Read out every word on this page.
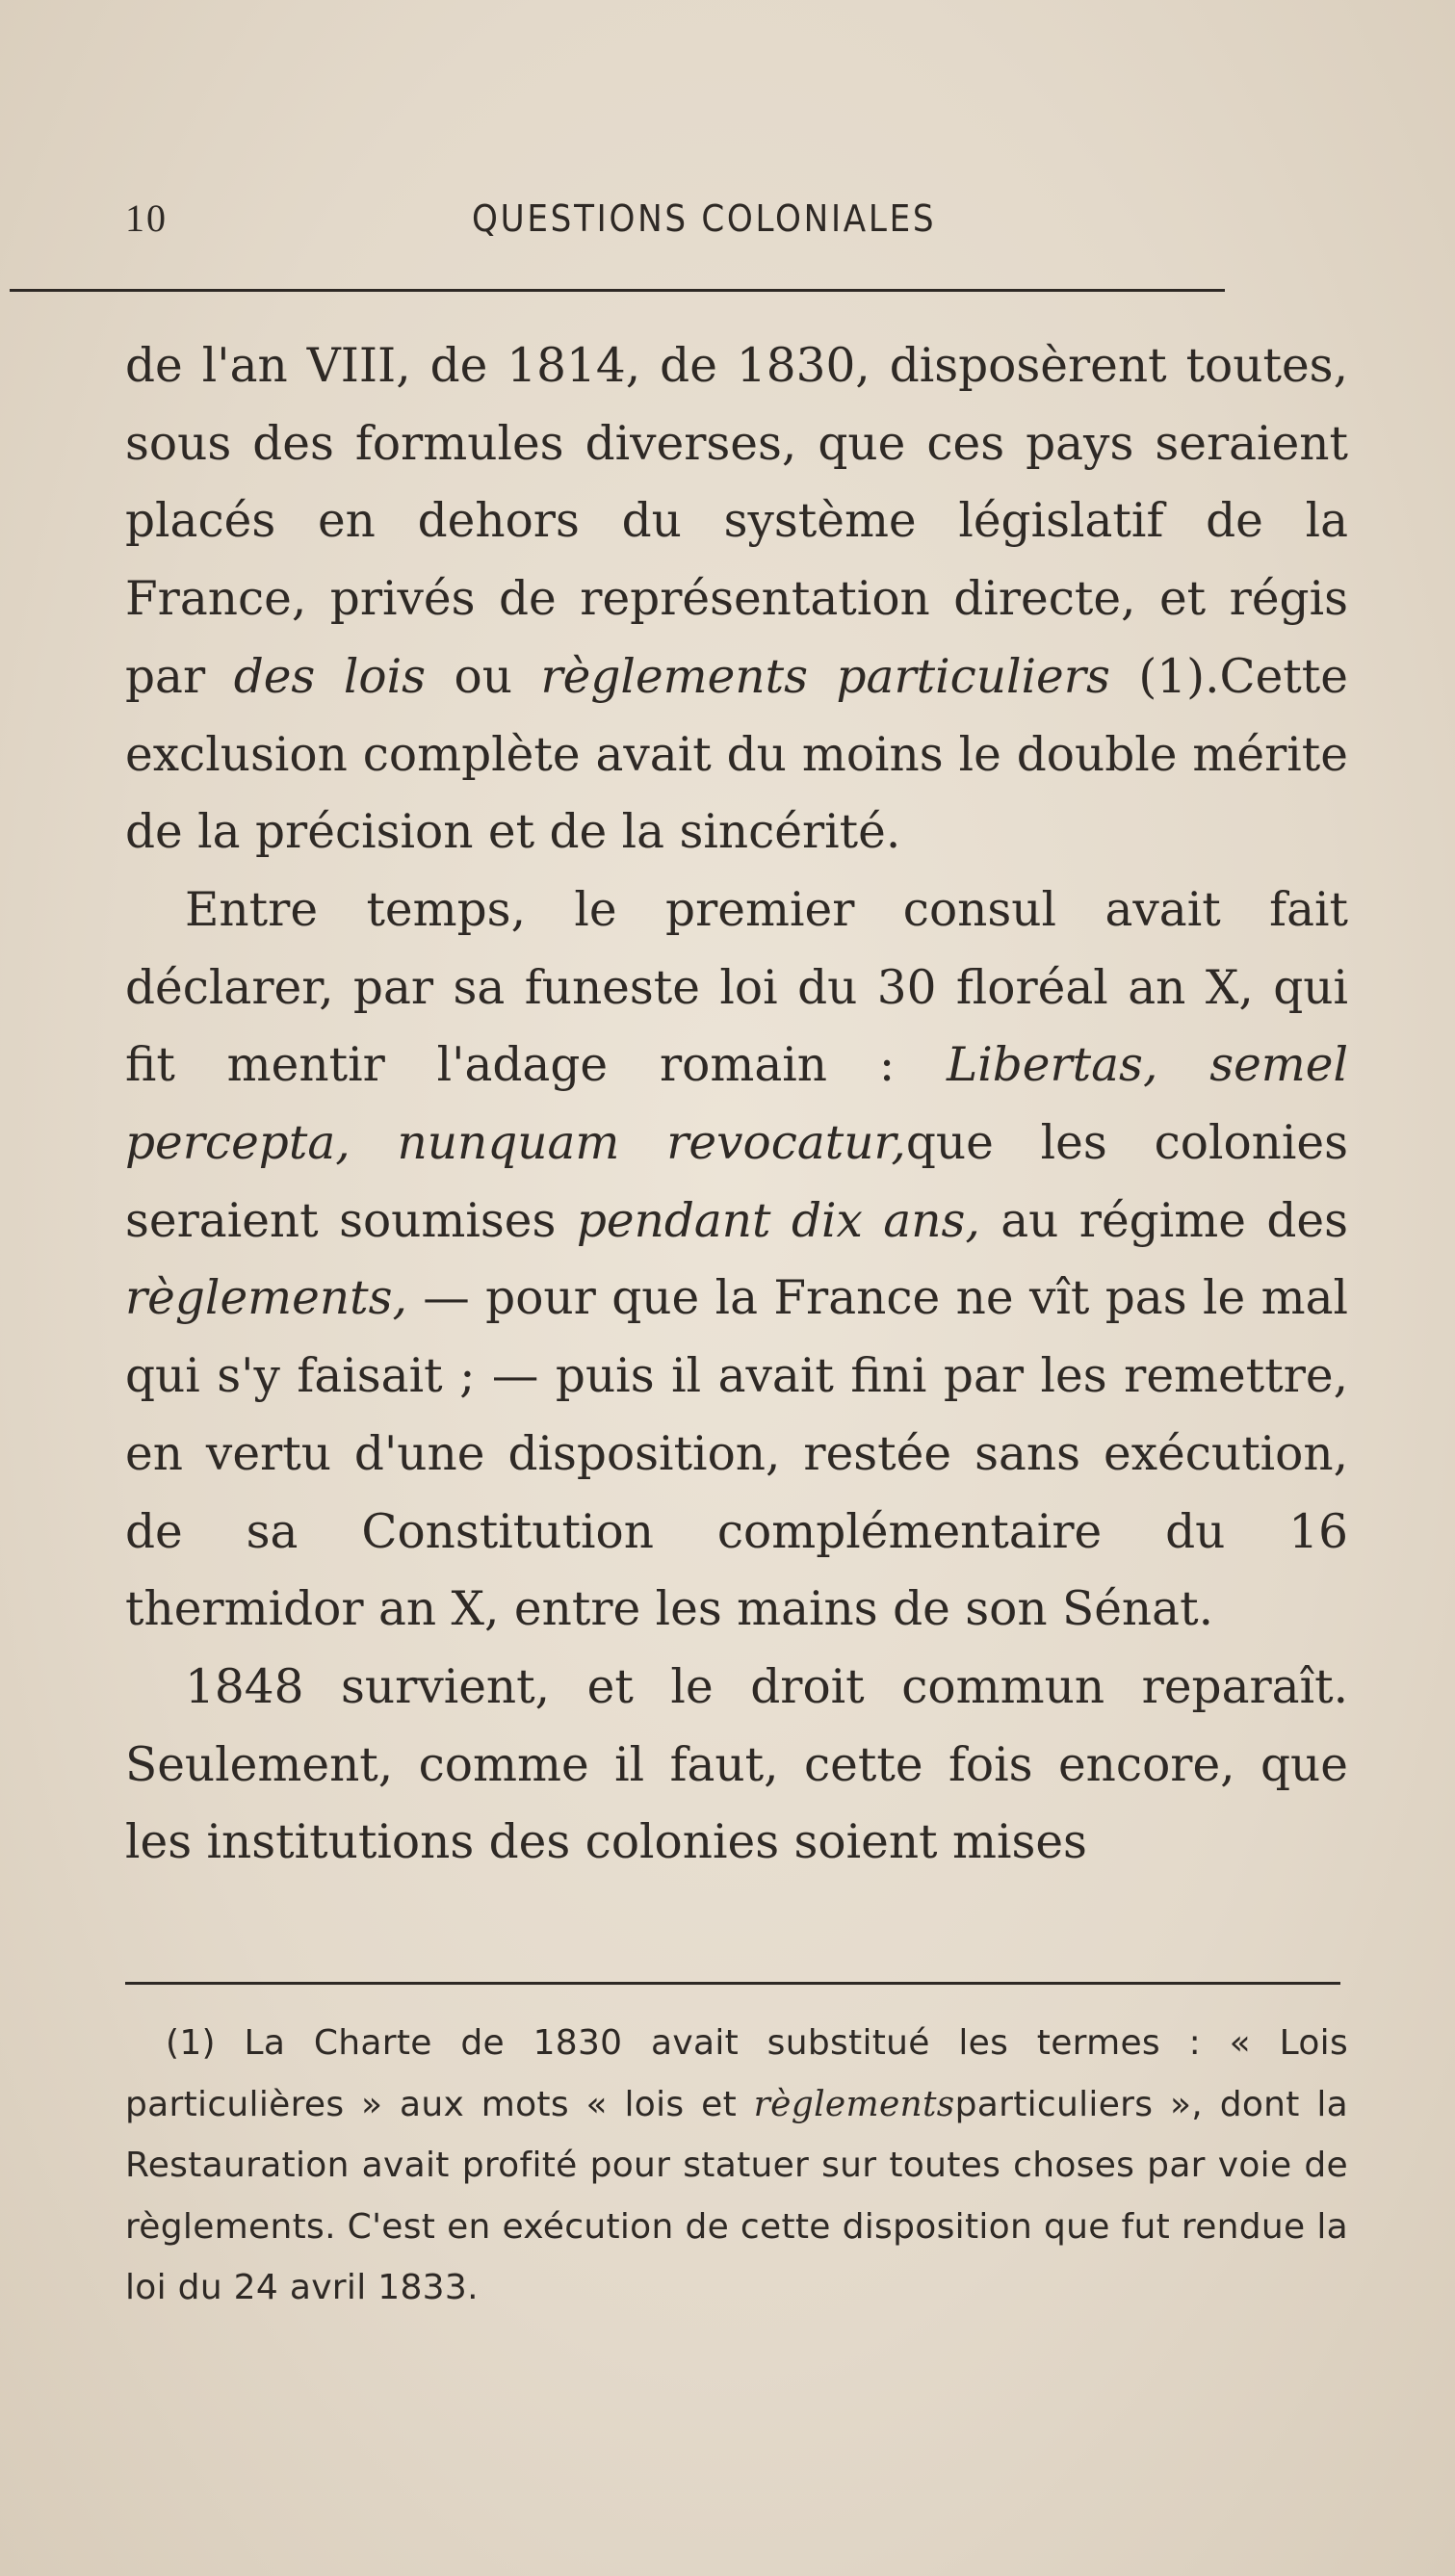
10	QUESTIONS COLONIALES

de l'an VIII, de 1814, de 1830, disposèrent toutes, sous des formules diverses, que ces pays seraient placés en dehors du système législatif de la France, privés de représentation directe, et régis par des lois ou règlements particuliers (1).Cette exclusion complète avait du moins le double mérite de la précision et de la sincérité.

Entre temps, le premier consul avait fait déclarer, par sa funeste loi du 30 floréal an X, qui fit mentir l'adage romain : Libertas, semel percepta, nunquam revocatur,que les colonies seraient soumises pendant dix ans, au régime des règlements, — pour que la France ne vît pas le mal qui s'y faisait ; — puis il avait fini par les remettre, en vertu d'une disposition, restée sans exécution, de sa Constitution complémentaire du 16 thermidor an X, entre les mains de son Sénat.

1848 survient, et le droit commun reparaît. Seulement, comme il faut, cette fois encore, que les institutions des colonies soient mises

(1) La Charte de 1830 avait substitué les termes : « Lois particulières » aux mots « lois et règlementsparticuliers », dont la Restauration avait profité pour statuer sur toutes choses par voie de règlements. C'est en exécution de cette disposition que fut rendue la loi du 24 avril 1833.
